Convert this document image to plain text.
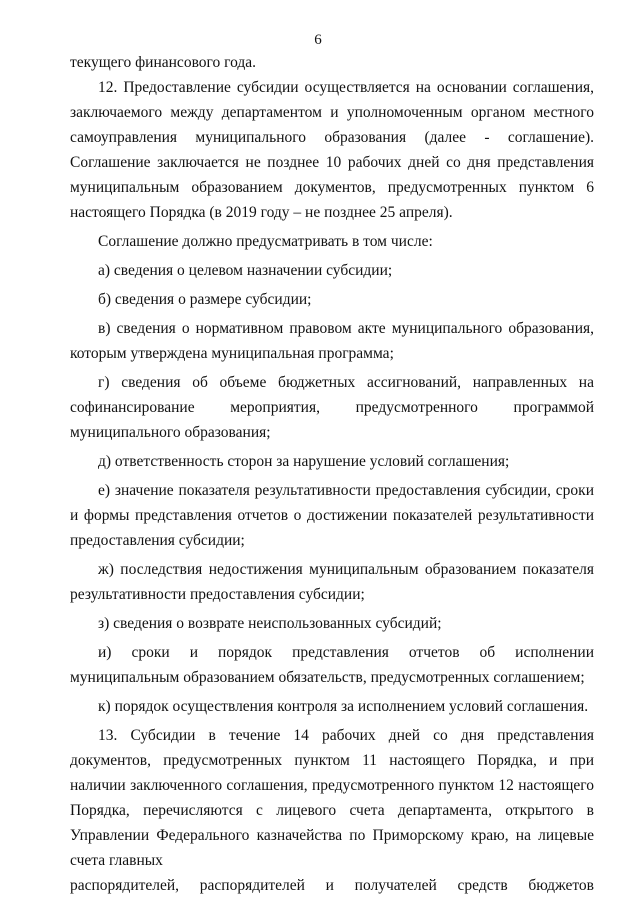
6

текущего финансового года.

12. Предоставление субсидии осуществляется на основании соглашения, заключаемого между департаментом и уполномоченным органом местного самоуправления муниципального образования (далее - соглашение). Соглашение заключается не позднее 10 рабочих дней со дня представления муниципальным образованием документов, предусмотренных пунктом 6 настоящего Порядка (в 2019 году – не позднее 25 апреля).

Соглашение должно предусматривать в том числе:

а) сведения о целевом назначении субсидии;

б) сведения о размере субсидии;

в) сведения о нормативном правовом акте муниципального образования, которым утверждена муниципальная программа;

г) сведения об объеме бюджетных ассигнований, направленных на софинансирование мероприятия, предусмотренного программой муниципального образования;

д) ответственность сторон за нарушение условий соглашения;

е) значение показателя результативности предоставления субсидии, сроки и формы представления отчетов о достижении показателей результативности предоставления субсидии;

ж) последствия недостижения муниципальным образованием показателя результативности предоставления субсидии;

з) сведения о возврате неиспользованных субсидий;

и) сроки и порядок представления отчетов об исполнении муниципальным образованием обязательств, предусмотренных соглашением;

к) порядок осуществления контроля за исполнением условий соглашения.

13. Субсидии в течение 14 рабочих дней со дня представления документов, предусмотренных пунктом 11 настоящего Порядка, и при наличии заключенного соглашения, предусмотренного пунктом 12 настоящего Порядка, перечисляются с лицевого счета департамента, открытого в Управлении Федерального казначейства по Приморскому краю, на лицевые счета главных

распорядителей, распорядителей и получателей средств бюджетов
